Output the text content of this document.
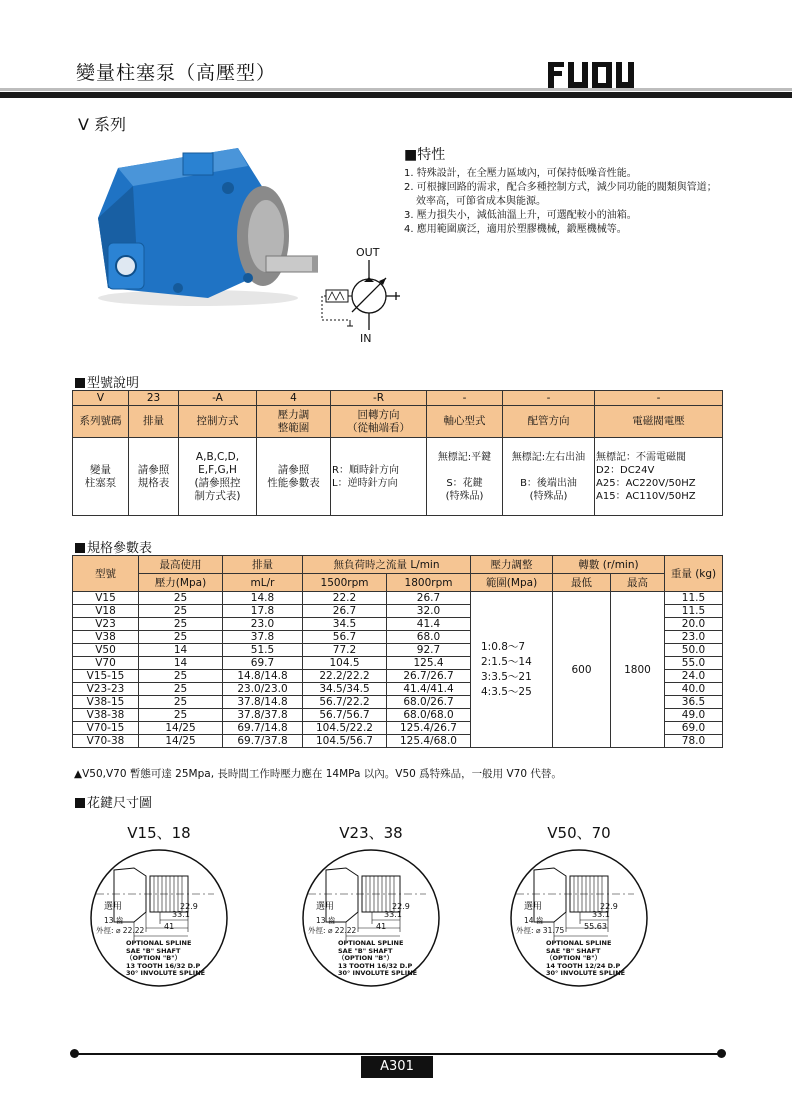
變量柱塞泵（高壓型）
V 系列
OUT
IN
■特性
1. 特殊設計，在全壓力區域內，可保持低噪音性能。
2. 可根據回路的需求，配合多種控制方式，減少同功能的閥類與管道；效率高，可節省成本與能源。
3. 壓力損失小，減低油溫上升，可選配較小的油箱。
4. 應用範圍廣泛，適用於塑膠機械，鍛壓機械等。
型號說明
V	23	-A	4	-R	-	-	-
系列號碼	排量	控制方式	壓力調
整範圍	回轉方向
（從軸端看）	軸心型式	配管方向	電磁閥電壓
變量
柱塞泵	請參照
規格表	A,B,C,D,
E,F,G,H
(請參照控
制方式表)	請參照
性能參數表	R：順時針方向
L：逆時針方向	無標記:平鍵

S：花鍵
(特殊品)	無標記:左右出油

B：後端出油
(特殊品)	無標記：不需電磁閥
D2：DC24V
A25：AC220V/50HZ
A15：AC110V/50HZ
規格參數表
型號	最高使用	排量	無負荷時之流量 L/min		壓力調整	轉數 (r/min)		重量 (kg)
	壓力(Mpa)	mL/r	1500rpm	1800rpm	範圍(Mpa)	最低	最高	
V15	25	14.8	22.2	26.7	1:0.8～7
2:1.5～14
3:3.5～21
4:3.5～25	600	1800	11.5
V18	25	17.8	26.7	32.0				11.5
V23	25	23.0	34.5	41.4				20.0
V38	25	37.8	56.7	68.0				23.0
V50	14	51.5	77.2	92.7				50.0
V70	14	69.7	104.5	125.4				55.0
V15-15	25	14.8/14.8	22.2/22.2	26.7/26.7				24.0
V23-23	25	23.0/23.0	34.5/34.5	41.4/41.4				40.0
V38-15	25	37.8/14.8	56.7/22.2	68.0/26.7				36.5
V38-38	25	37.8/37.8	56.7/56.7	68.0/68.0				49.0
V70-15	14/25	69.7/14.8	104.5/22.2	125.4/26.7				69.0
V70-38	14/25	69.7/37.8	104.5/56.7	125.4/68.0				78.0
▲V50,V70 暫態可達 25Mpa, 長時間工作時壓力應在 14MPa 以內。V50 爲特殊品，一般用 V70 代替。
花鍵尺寸圖
V15、18
選用
13 齒
外徑: ⌀ 22.22
22.9
33.1
41
OPTIONAL SPLINE
SAE "B" SHAFT
（OPTION "B"）
13 TOOTH 16/32 D.P
30° INVOLUTE SPLINE
V23、38
選用
13 齒
外徑: ⌀ 22.22
22.9
33.1
41
OPTIONAL SPLINE
SAE "B" SHAFT
（OPTION "B"）
13 TOOTH 16/32 D.P
30° INVOLUTE SPLINE
V50、70
選用
14 齒
外徑: ⌀ 31.75
22.9
33.1
55.63
OPTIONAL SPLINE
SAE "B" SHAFT
（OPTION "B"）
14 TOOTH 12/24 D.P
30° INVOLUTE SPLINE
A301
